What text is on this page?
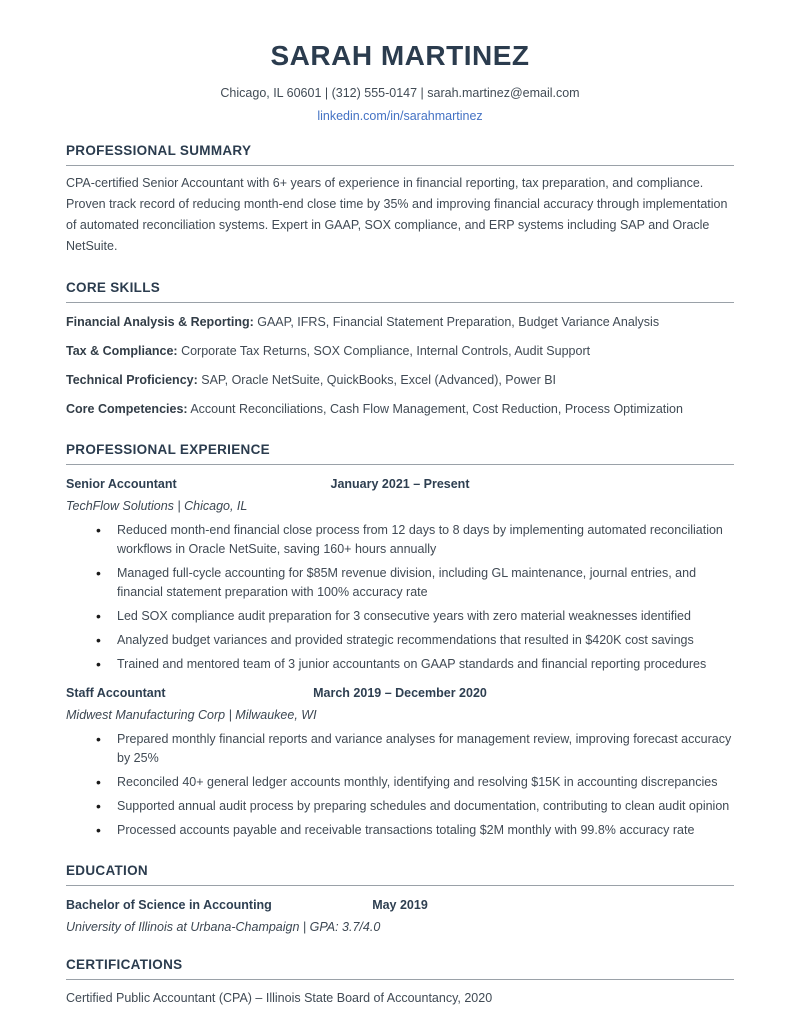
SARAH MARTINEZ
Chicago, IL 60601 | (312) 555-0147 | sarah.martinez@email.com
linkedin.com/in/sarahmartinez
PROFESSIONAL SUMMARY

CPA-certified Senior Accountant with 6+ years of experience in financial reporting, tax preparation, and compliance. Proven track record of reducing month-end close time by 35% and improving financial accuracy through implementation of automated reconciliation systems. Expert in GAAP, SOX compliance, and ERP systems including SAP and Oracle NetSuite.

CORE SKILLS

Financial Analysis & Reporting: GAAP, IFRS, Financial Statement Preparation, Budget Variance Analysis

Tax & Compliance: Corporate Tax Returns, SOX Compliance, Internal Controls, Audit Support

Technical Proficiency: SAP, Oracle NetSuite, QuickBooks, Excel (Advanced), Power BI

Core Competencies: Account Reconciliations, Cash Flow Management, Cost Reduction, Process Optimization

PROFESSIONAL EXPERIENCE
Senior Accountant	January 2021 – Present
TechFlow Solutions | Chicago, IL
• Reduced month-end financial close process from 12 days to 8 days by implementing automated reconciliation workflows in Oracle NetSuite, saving 160+ hours annually
• Managed full-cycle accounting for $85M revenue division, including GL maintenance, journal entries, and financial statement preparation with 100% accuracy rate
• Led SOX compliance audit preparation for 3 consecutive years with zero material weaknesses identified
• Analyzed budget variances and provided strategic recommendations that resulted in $420K cost savings
• Trained and mentored team of 3 junior accountants on GAAP standards and financial reporting procedures
Staff Accountant	March 2019 – December 2020
Midwest Manufacturing Corp | Milwaukee, WI
• Prepared monthly financial reports and variance analyses for management review, improving forecast accuracy by 25%
• Reconciled 40+ general ledger accounts monthly, identifying and resolving $15K in accounting discrepancies
• Supported annual audit process by preparing schedules and documentation, contributing to clean audit opinion
• Processed accounts payable and receivable transactions totaling $2M monthly with 99.8% accuracy rate
EDUCATION
Bachelor of Science in Accounting	May 2019
University of Illinois at Urbana-Champaign | GPA: 3.7/4.0
CERTIFICATIONS

Certified Public Accountant (CPA) – Illinois State Board of Accountancy, 2020
